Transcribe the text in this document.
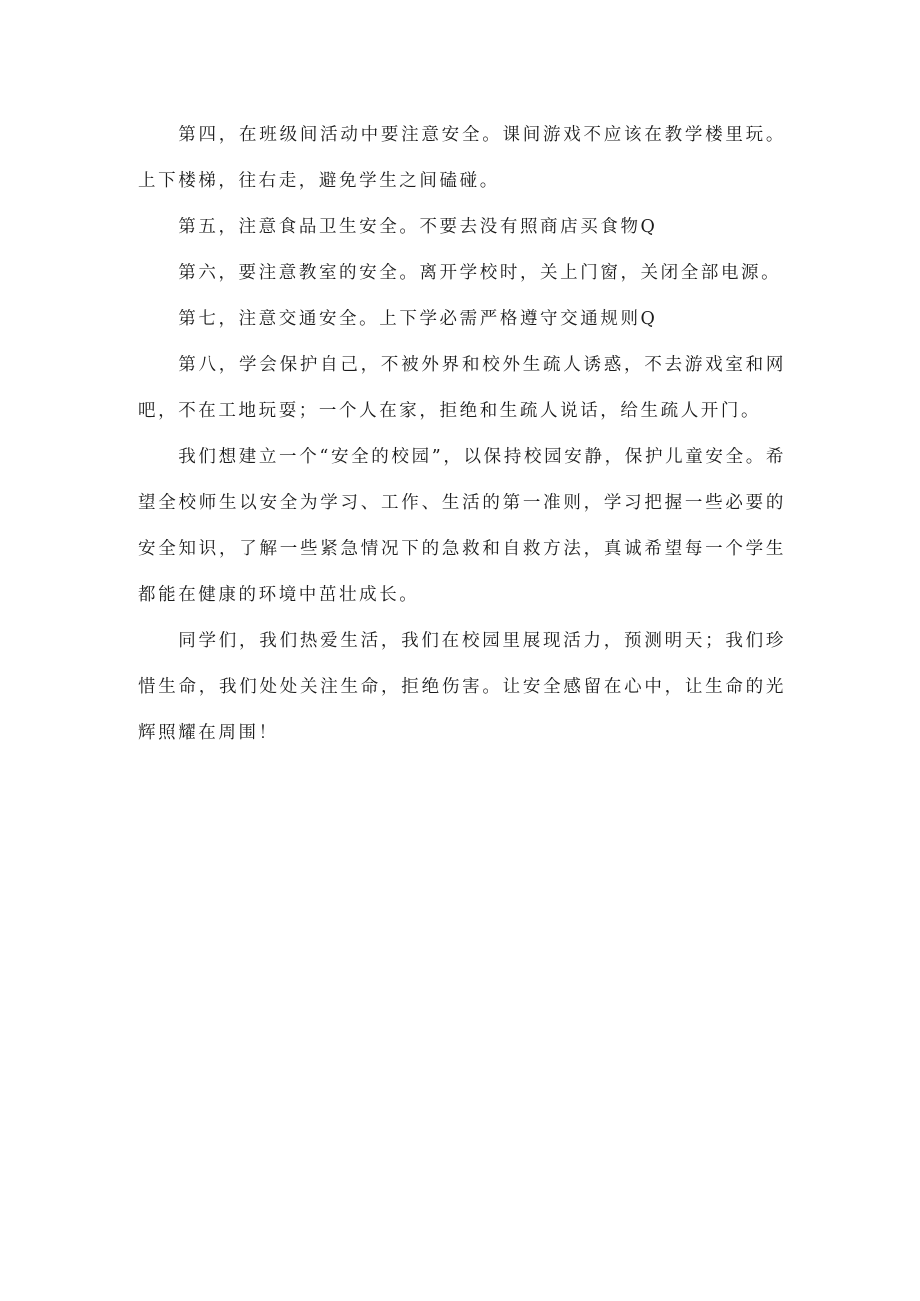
第四，在班级间活动中要注意安全。课间游戏不应该在教学楼里玩。上下楼梯，往右走，避免学生之间磕碰。

第五，注意食品卫生安全。不要去没有照商店买食物Q

第六，要注意教室的安全。离开学校时，关上门窗，关闭全部电源。

第七，注意交通安全。上下学必需严格遵守交通规则Q

第八，学会保护自己，不被外界和校外生疏人诱惑，不去游戏室和网吧，不在工地玩耍；一个人在家，拒绝和生疏人说话，给生疏人开门。

我们想建立一个“安全的校园”，以保持校园安静，保护儿童安全。希望全校师生以安全为学习、工作、生活的第一准则，学习把握一些必要的安全知识，了解一些紧急情况下的急救和自救方法，真诚希望每一个学生都能在健康的环境中茁壮成长。

同学们，我们热爱生活，我们在校园里展现活力，预测明天；我们珍惜生命，我们处处关注生命，拒绝伤害。让安全感留在心中，让生命的光辉照耀在周围！
